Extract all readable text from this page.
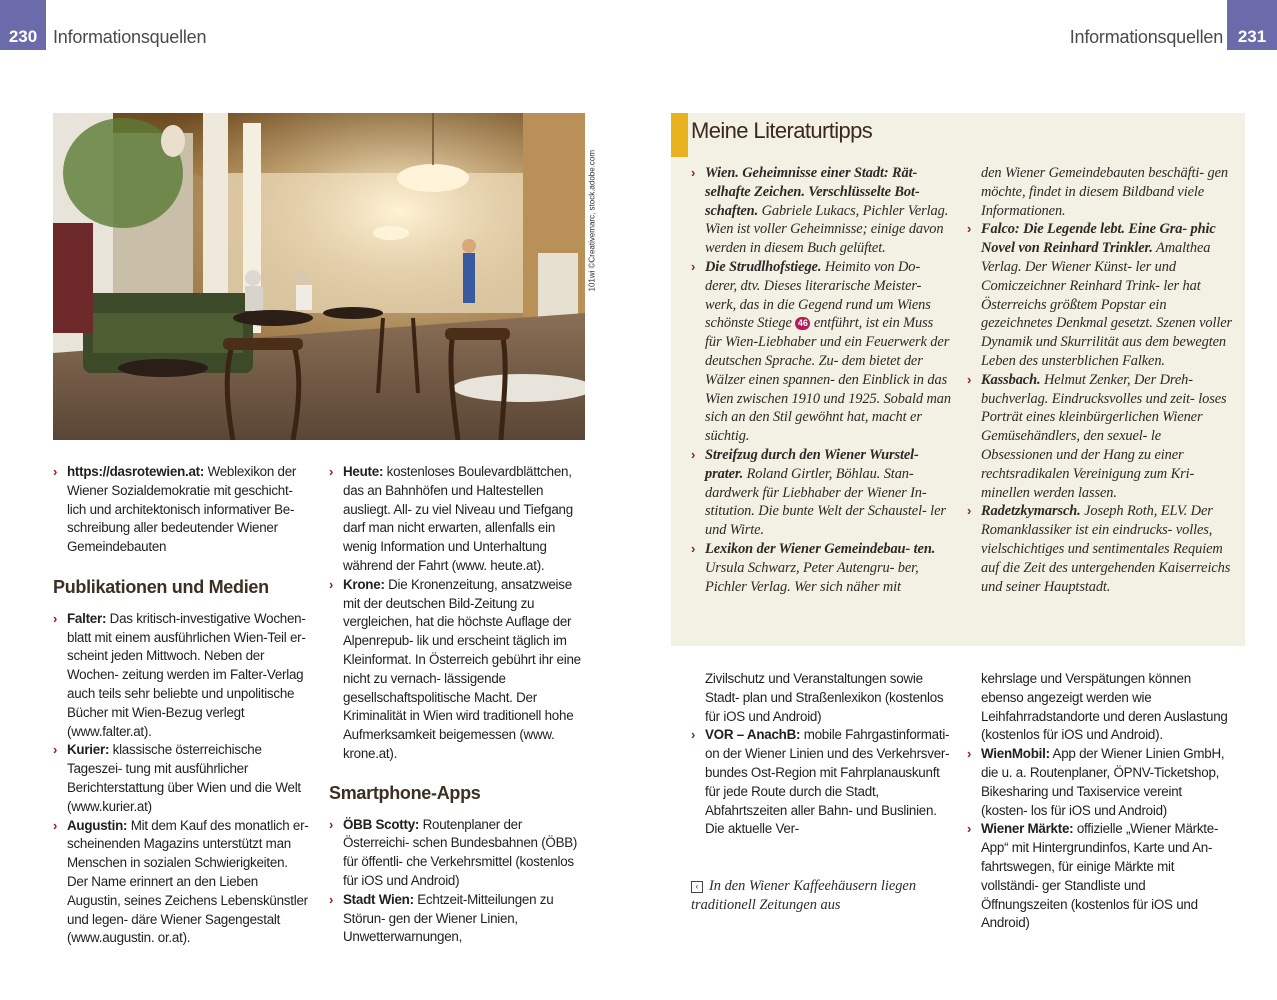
230 Informationsquellen	Informationsquellen 231
101wi ©Creativemarc, stock.adobe.com
› https://dasrotewien.at: Weblexikon der Wiener Sozialdemokratie mit geschicht- lich und architektonisch informativer Be- schreibung aller bedeutender Wiener Gemeindebauten
Publikationen und Medien
› Falter: Das kritisch-investigative Wochen- blatt mit einem ausführlichen Wien-Teil er- scheint jeden Mittwoch. Neben der Wochen- zeitung werden im Falter-Verlag auch teils sehr beliebte und unpolitische Bücher mit Wien-Bezug verlegt (www.falter.at).
› Kurier: klassische österreichische Tageszei- tung mit ausführlicher Berichterstattung über Wien und die Welt (www.kurier.at)
› Augustin: Mit dem Kauf des monatlich er- scheinenden Magazins unterstützt man Menschen in sozialen Schwierigkeiten. Der Name erinnert an den Lieben Augustin, seines Zeichens Lebenskünstler und legen- däre Wiener Sagengestalt (www.augustin. or.at).
› Heute: kostenloses Boulevardblättchen, das an Bahnhöfen und Haltestellen ausliegt. All- zu viel Niveau und Tiefgang darf man nicht erwarten, allenfalls ein wenig Information und Unterhaltung während der Fahrt (www. heute.at).
› Krone: Die Kronenzeitung, ansatzweise mit der deutschen Bild-Zeitung zu vergleichen, hat die höchste Auflage der Alpenrepub- lik und erscheint täglich im Kleinformat. In Österreich gebührt ihr eine nicht zu vernach- lässigende gesellschaftspolitische Macht. Der Kriminalität in Wien wird traditionell hohe Aufmerksamkeit beigemessen (www. krone.at).
Smartphone-Apps
› ÖBB Scotty: Routenplaner der Österreichi- schen Bundesbahnen (ÖBB) für öffentli- che Verkehrsmittel (kostenlos für iOS und Android)
› Stadt Wien: Echtzeit-Mitteilungen zu Störun- gen der Wiener Linien, Unwetterwarnungen,
Meine Literaturtipps
› Wien. Geheimnisse einer Stadt: Rät- selhafte Zeichen. Verschlüsselte Bot- schaften. Gabriele Lukacs, Pichler Verlag. Wien ist voller Geheimnisse; einige davon werden in diesem Buch gelüftet.
› Die Strudlhofstiege. Heimito von Do- derer, dtv. Dieses literarische Meister- werk, das in die Gegend rund um Wiens schönste Stiege 46 entführt, ist ein Muss für Wien-Liebhaber und ein Feuerwerk der deutschen Sprache. Zu- dem bietet der Wälzer einen spannen- den Einblick in das Wien zwischen 1910 und 1925. Sobald man sich an den Stil gewöhnt hat, macht er süchtig.
› Streifzug durch den Wiener Wurstel- prater. Roland Girtler, Böhlau. Stan- dardwerk für Liebhaber der Wiener In- stitution. Die bunte Welt der Schaustel- ler und Wirte.
› Lexikon der Wiener Gemeindebau- ten. Ursula Schwarz, Peter Autengru- ber, Pichler Verlag. Wer sich näher mit
den Wiener Gemeindebauten beschäfti- gen möchte, findet in diesem Bildband viele Informationen.
› Falco: Die Legende lebt. Eine Gra- phic Novel von Reinhard Trinkler. Amalthea Verlag. Der Wiener Künst- ler und Comiczeichner Reinhard Trink- ler hat Österreichs größtem Popstar ein gezeichnetes Denkmal gesetzt. Szenen voller Dynamik und Skurrilität aus dem bewegten Leben des unsterblichen Falken.
› Kassbach. Helmut Zenker, Der Dreh- buchverlag. Eindrucksvolles und zeit- loses Porträt eines kleinbürgerlichen Wiener Gemüsehändlers, den sexuel- le Obsessionen und der Hang zu einer rechtsradikalen Vereinigung zum Kri- minellen werden lassen.
› Radetzkymarsch. Joseph Roth, ELV. Der Romanklassiker ist ein eindrucks- volles, vielschichtiges und sentimentales Requiem auf die Zeit des untergehenden Kaiserreichs und seiner Hauptstadt.
Zivilschutz und Veranstaltungen sowie Stadt- plan und Straßenlexikon (kostenlos für iOS und Android)
› VOR – AnachB: mobile Fahrgastinformati- on der Wiener Linien und des Verkehrsver- bundes Ost-Region mit Fahrplanauskunft für jede Route durch die Stadt, Abfahrtszeiten aller Bahn- und Buslinien. Die aktuelle Ver-
‹ In den Wiener Kaffeehäusern liegen traditionell Zeitungen aus
kehrslage und Verspätungen können ebenso angezeigt werden wie Leihfahrradstandorte und deren Auslastung (kostenlos für iOS und Android).
› WienMobil: App der Wiener Linien GmbH, die u. a. Routenplaner, ÖPNV-Ticketshop, Bikesharing und Taxiservice vereint (kosten- los für iOS und Android)
› Wiener Märkte: offizielle „Wiener Märkte- App“ mit Hintergrundinfos, Karte und An- fahrtswegen, für einige Märkte mit vollständi- ger Standliste und Öffnungszeiten (kostenlos für iOS und Android)
